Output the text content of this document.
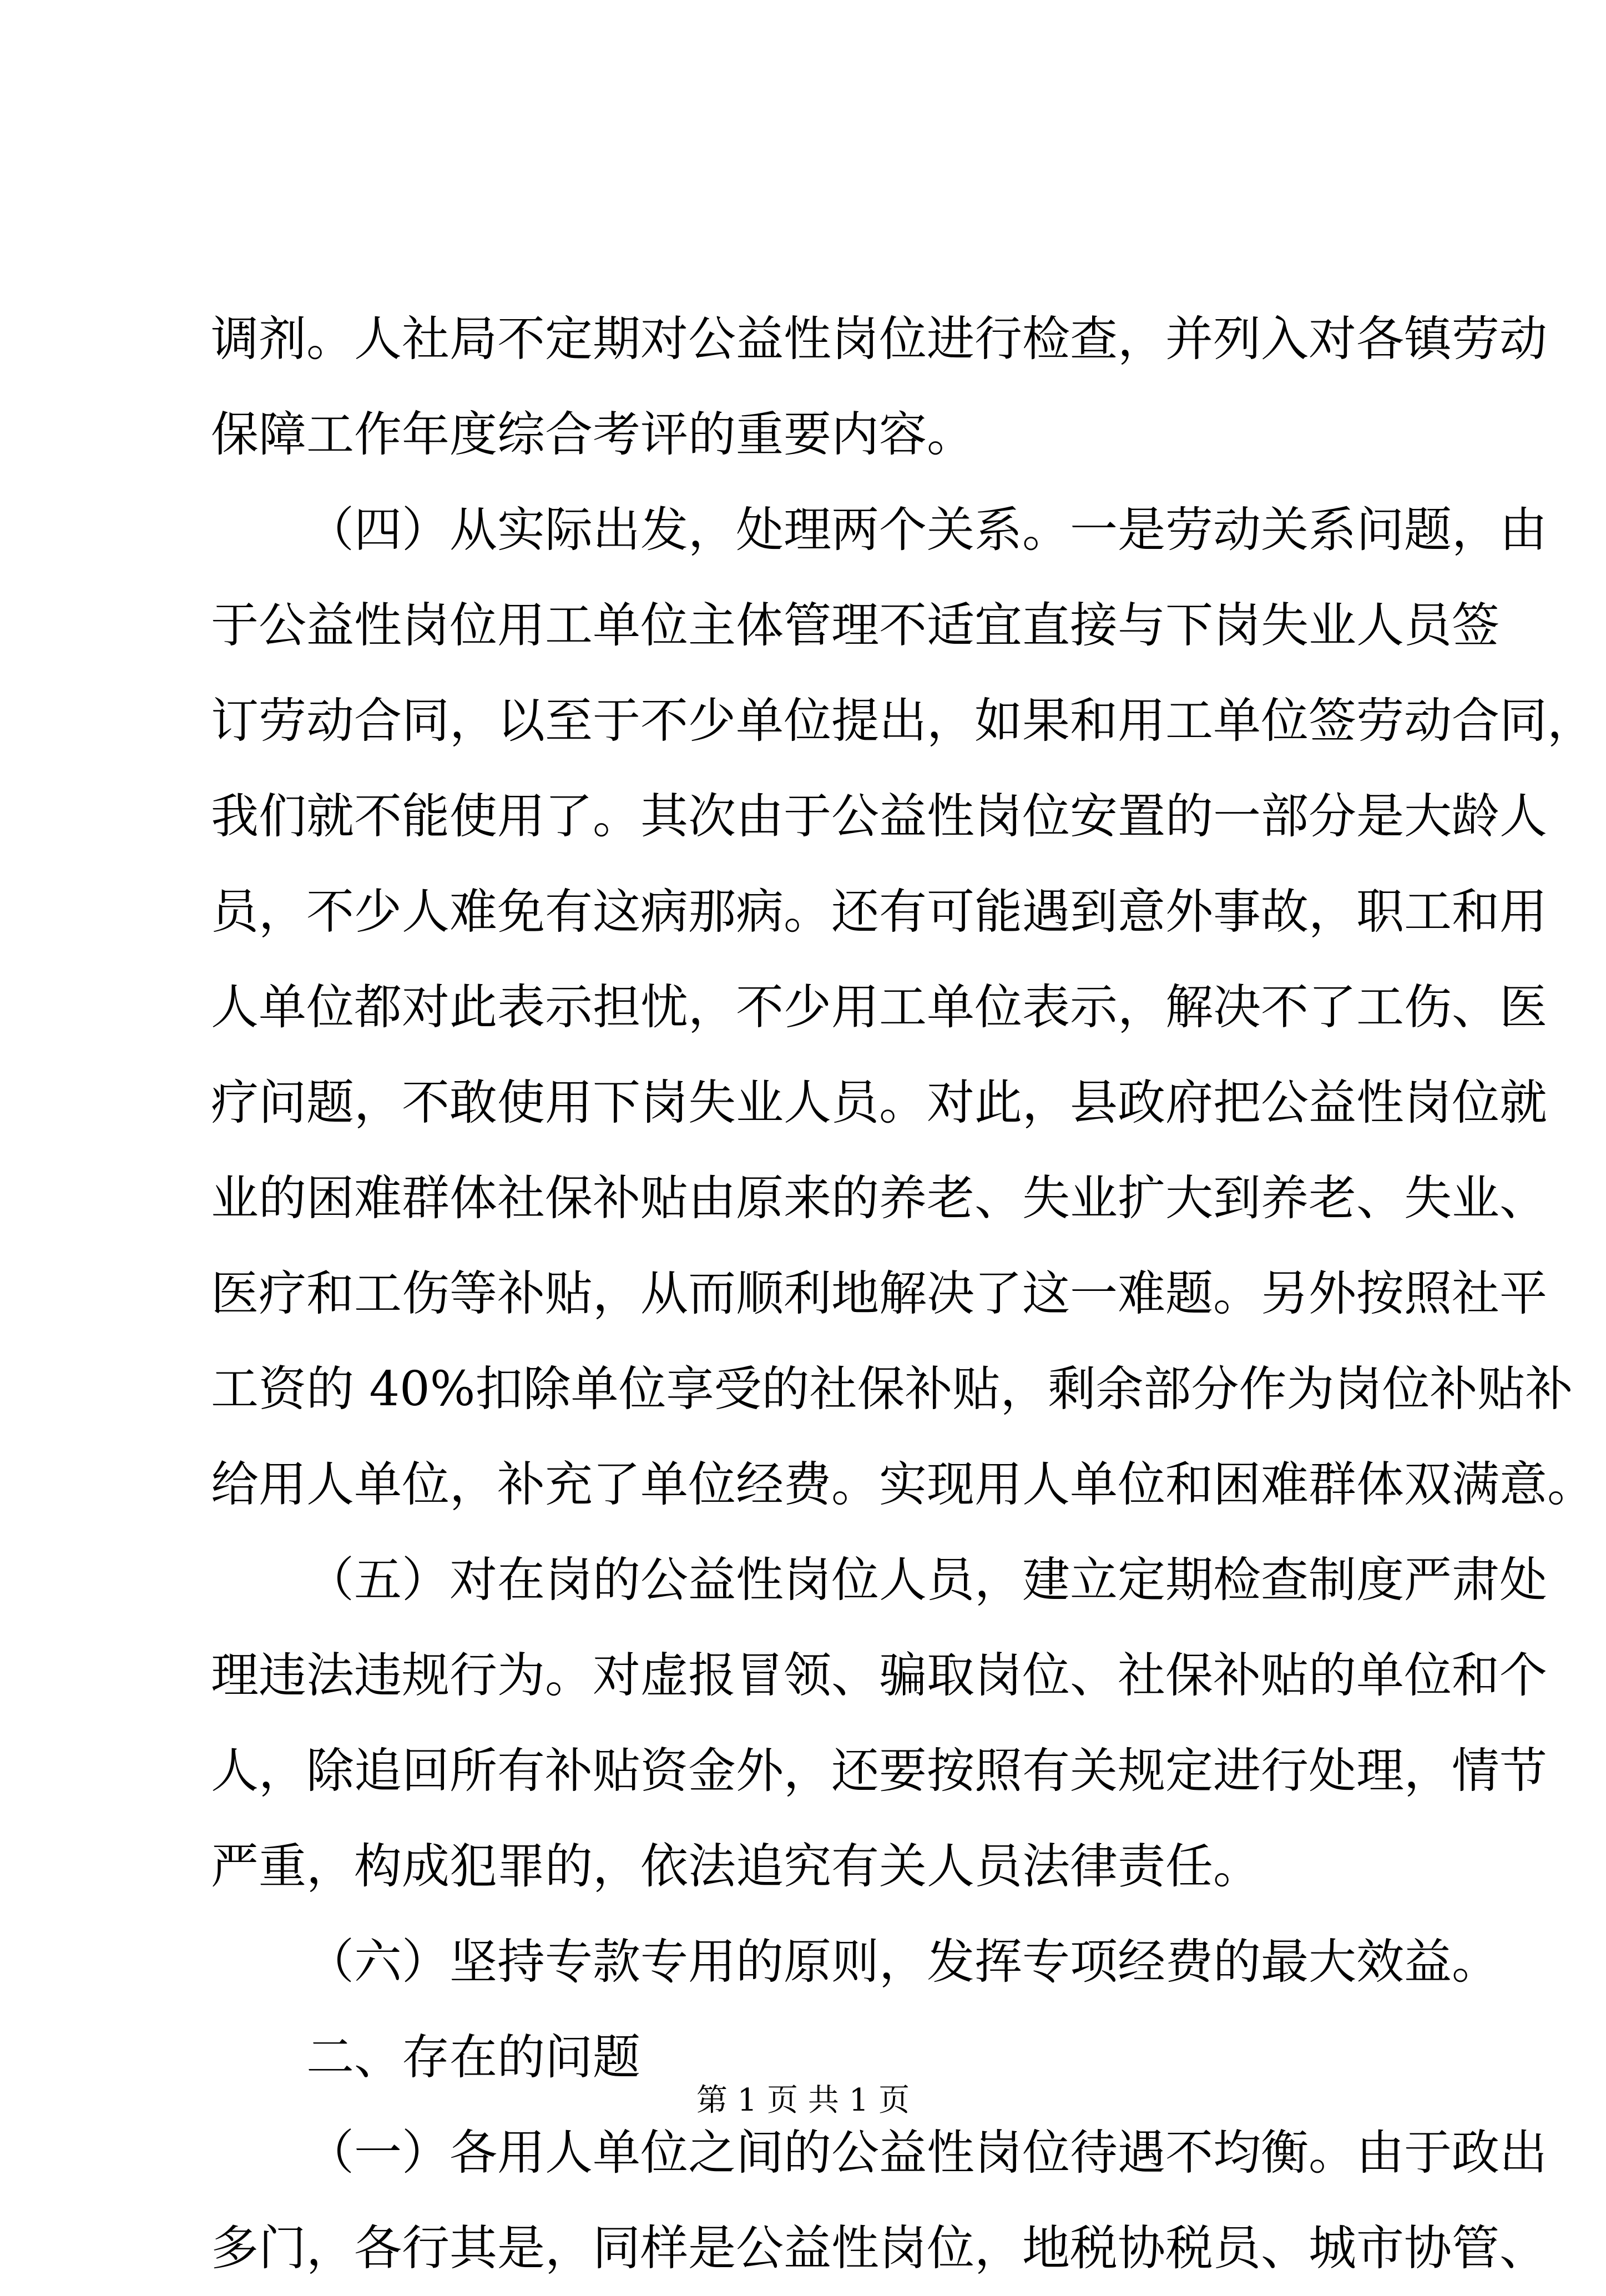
调剂。人社局不定期对公益性岗位进行检查，并列入对各镇劳动
保障工作年度综合考评的重要内容。
（四）从实际出发，处理两个关系。一是劳动关系问题，由
于公益性岗位用工单位主体管理不适宜直接与下岗失业人员签
订劳动合同，以至于不少单位提出，如果和用工单位签劳动合同，
我们就不能使用了。其次由于公益性岗位安置的一部分是大龄人
员，不少人难免有这病那病。还有可能遇到意外事故，职工和用
人单位都对此表示担忧，不少用工单位表示，解决不了工伤、医
疗问题，不敢使用下岗失业人员。对此，县政府把公益性岗位就
业的困难群体社保补贴由原来的养老、失业扩大到养老、失业、
医疗和工伤等补贴，从而顺利地解决了这一难题。另外按照社平
工资的 40%扣除单位享受的社保补贴，剩余部分作为岗位补贴补
给用人单位，补充了单位经费。实现用人单位和困难群体双满意。
（五）对在岗的公益性岗位人员，建立定期检查制度严肃处
理违法违规行为。对虚报冒领、骗取岗位、社保补贴的单位和个
人，除追回所有补贴资金外，还要按照有关规定进行处理，情节
严重，构成犯罪的，依法追究有关人员法律责任。
（六）坚持专款专用的原则，发挥专项经费的最大效益。
二、存在的问题
（一）各用人单位之间的公益性岗位待遇不均衡。由于政出
多门，各行其是，同样是公益性岗位，地税协税员、城市协管、
第 1 页 共 1 页
